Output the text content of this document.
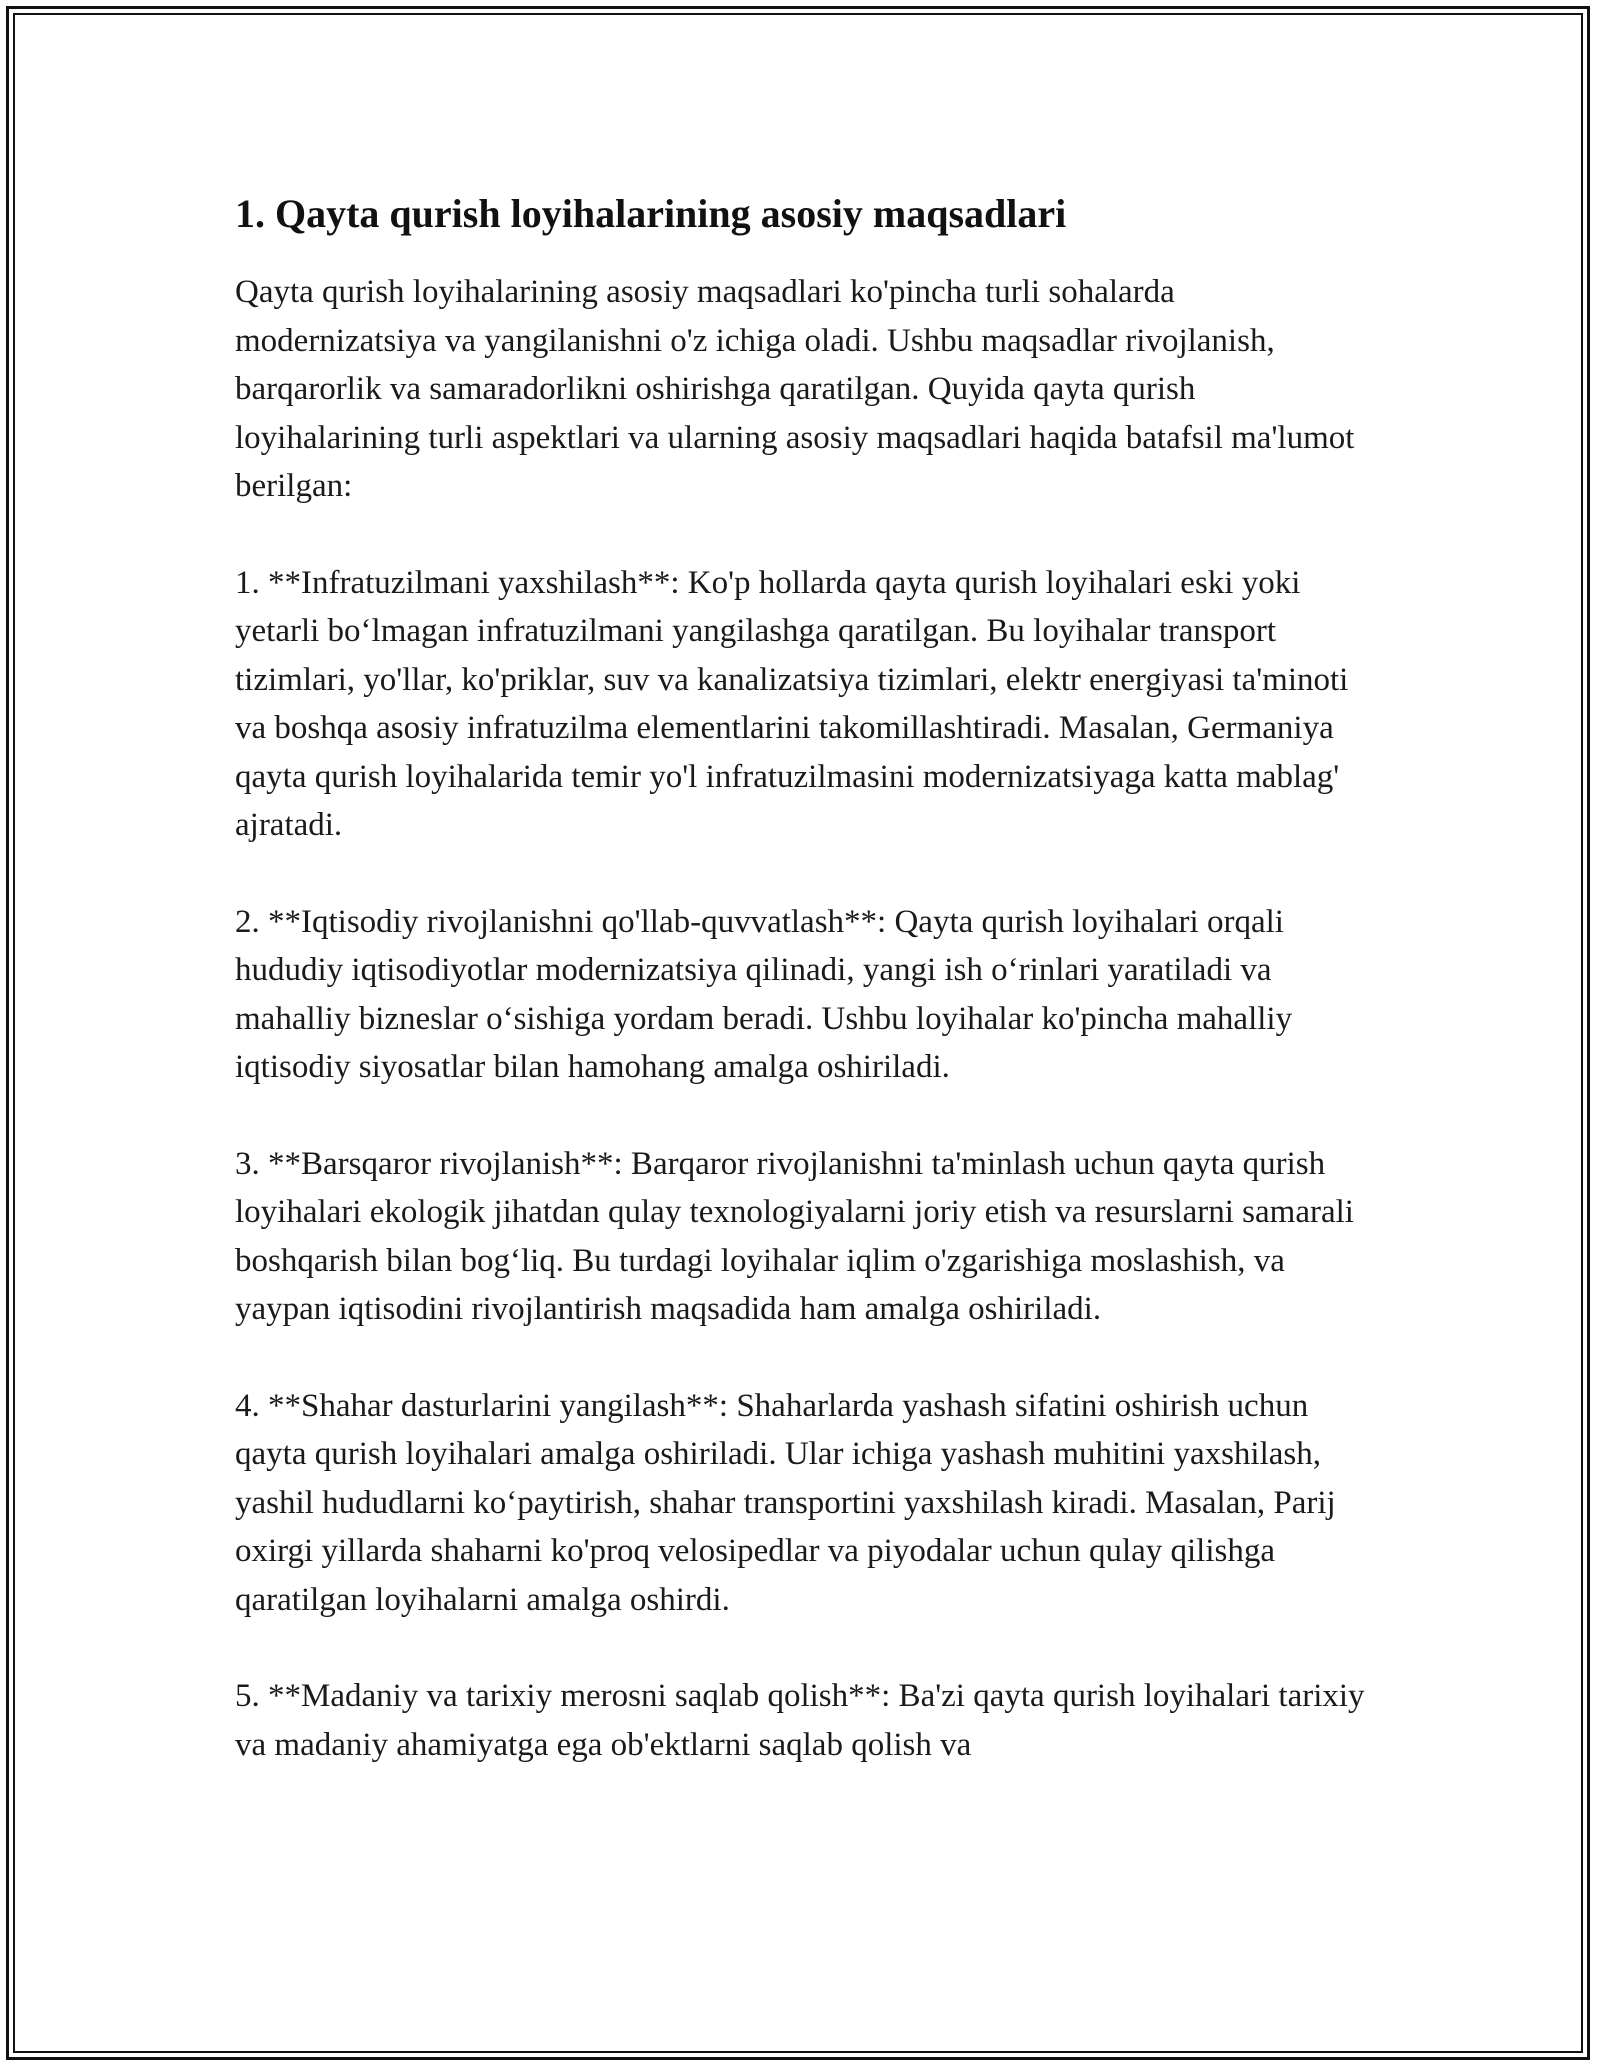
1. Qayta qurish loyihalarining asosiy maqsadlari

Qayta qurish loyihalarining asosiy maqsadlari ko'pincha turli sohalarda modernizatsiya va yangilanishni o'z ichiga oladi. Ushbu maqsadlar rivojlanish, barqarorlik va samaradorlikni oshirishga qaratilgan. Quyida qayta qurish loyihalarining turli aspektlari va ularning asosiy maqsadlari haqida batafsil ma'lumot berilgan:

1. **Infratuzilmani yaxshilash**: Ko'p hollarda qayta qurish loyihalari eski yoki yetarli bo‘lmagan infratuzilmani yangilashga qaratilgan. Bu loyihalar transport tizimlari, yo'llar, ko'priklar, suv va kanalizatsiya tizimlari, elektr energiyasi ta'minoti va boshqa asosiy infratuzilma elementlarini takomillashtiradi. Masalan, Germaniya qayta qurish loyihalarida temir yo'l infratuzilmasini modernizatsiyaga katta mablag' ajratadi.

2. **Iqtisodiy rivojlanishni qo'llab-quvvatlash**: Qayta qurish loyihalari orqali hududiy iqtisodiyotlar modernizatsiya qilinadi, yangi ish o‘rinlari yaratiladi va mahalliy bizneslar o‘sishiga yordam beradi. Ushbu loyihalar ko'pincha mahalliy iqtisodiy siyosatlar bilan hamohang amalga oshiriladi.

3. **Barsqaror rivojlanish**: Barqaror rivojlanishni ta'minlash uchun qayta qurish loyihalari ekologik jihatdan qulay texnologiyalarni joriy etish va resurslarni samarali boshqarish bilan bog‘liq. Bu turdagi loyihalar iqlim o'zgarishiga moslashish, va yaypan iqtisodini rivojlantirish maqsadida ham amalga oshiriladi.

4. **Shahar dasturlarini yangilash**: Shaharlarda yashash sifatini oshirish uchun qayta qurish loyihalari amalga oshiriladi. Ular ichiga yashash muhitini yaxshilash, yashil hududlarni ko‘paytirish, shahar transportini yaxshilash kiradi. Masalan, Parij oxirgi yillarda shaharni ko'proq velosipedlar va piyodalar uchun qulay qilishga qaratilgan loyihalarni amalga oshirdi.

5. **Madaniy va tarixiy merosni saqlab qolish**: Ba'zi qayta qurish loyihalari tarixiy va madaniy ahamiyatga ega ob'ektlarni saqlab qolish va
